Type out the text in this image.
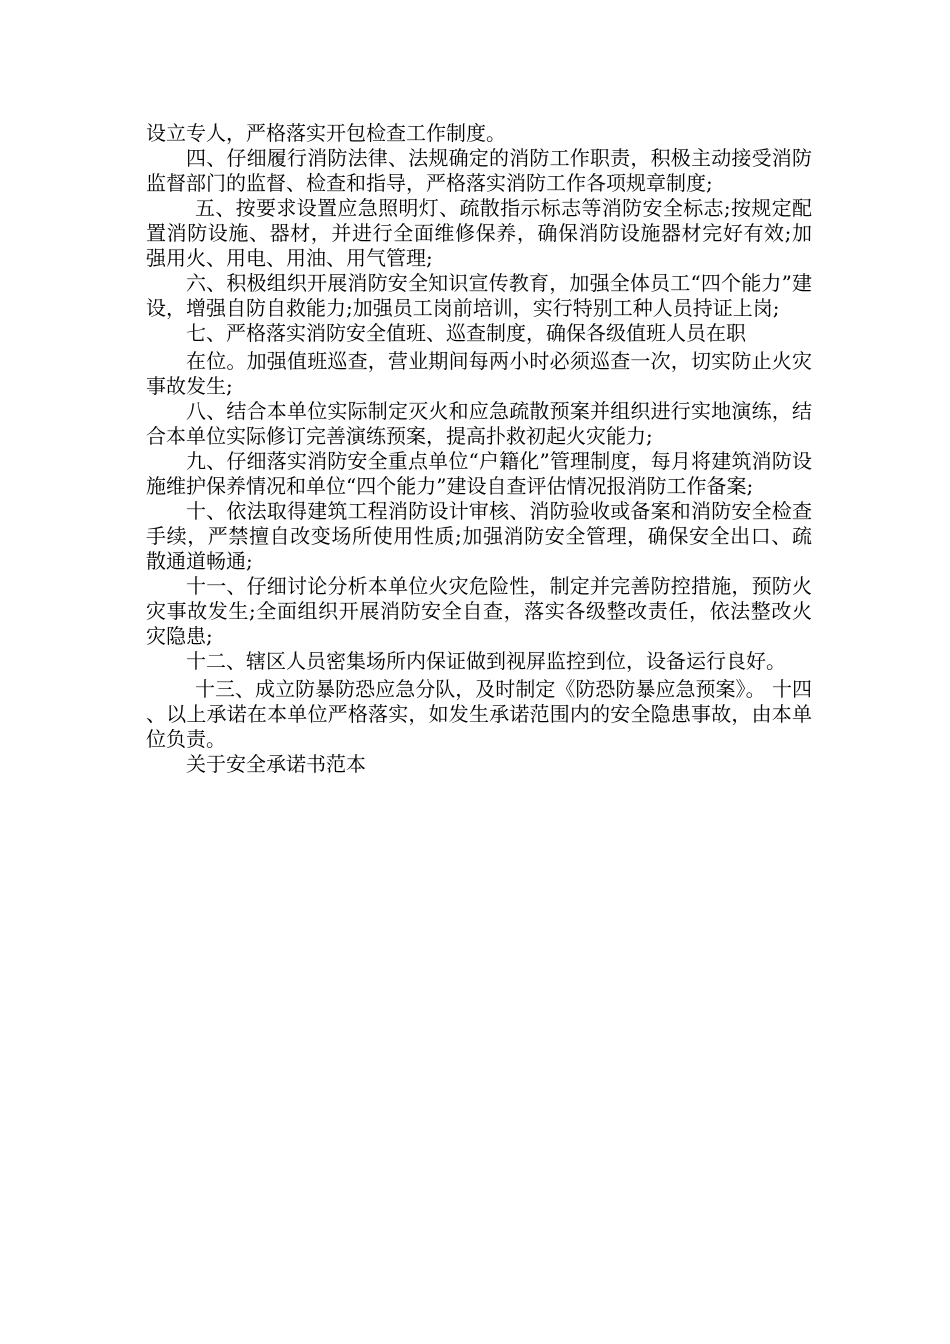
设立专人，严格落实开包检查工作制度。

四、仔细履行消防法律、法规确定的消防工作职责，积极主动接受消防监督部门的监督、检查和指导，严格落实消防工作各项规章制度;

五、按要求设置应急照明灯、疏散指示标志等消防安全标志;按规定配置消防设施、器材，并进行全面维修保养，确保消防设施器材完好有效;加强用火、用电、用油、用气管理;

六、积极组织开展消防安全知识宣传教育，加强全体员工“四个能力”建设，增强自防自救能力;加强员工岗前培训，实行特别工种人员持证上岗;

七、严格落实消防安全值班、巡查制度，确保各级值班人员在职

在位。加强值班巡查，营业期间每两小时必须巡查一次，切实防止火灾事故发生;

八、结合本单位实际制定灭火和应急疏散预案并组织进行实地演练，结合本单位实际修订完善演练预案，提高扑救初起火灾能力;

九、仔细落实消防安全重点单位“户籍化”管理制度，每月将建筑消防设施维护保养情况和单位“四个能力”建设自查评估情况报消防工作备案;

十、依法取得建筑工程消防设计审核、消防验收或备案和消防安全检查手续，严禁擅自改变场所使用性质;加强消防安全管理，确保安全出口、疏散通道畅通;

十一、仔细讨论分析本单位火灾危险性，制定并完善防控措施，预防火灾事故发生;全面组织开展消防安全自查，落实各级整改责任，依法整改火灾隐患;

十二、辖区人员密集场所内保证做到视屏监控到位，设备运行良好。

十三、成立防暴防恐应急分队，及时制定《防恐防暴应急预案》。 十四、以上承诺在本单位严格落实，如发生承诺范围内的安全隐患事故，由本单位负责。

关于安全承诺书范本
